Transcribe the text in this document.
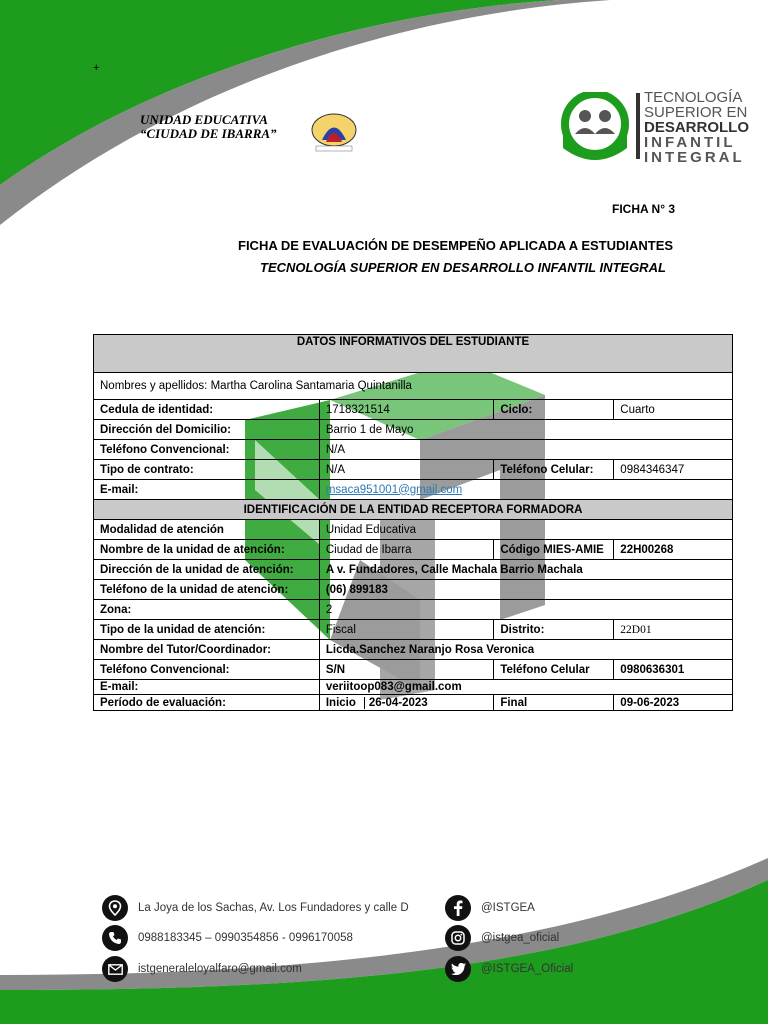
+
UNIDAD EDUCATIVA
“CIUDAD DE IBARRA”
TECNOLOGÍA
SUPERIOR EN
DESARROLLO
INFANTIL
INTEGRAL
FICHA N° 3
FICHA DE EVALUACIÓN DE DESEMPEÑO APLICADA A ESTUDIANTES
TECNOLOGÍA SUPERIOR EN DESARROLLO INFANTIL INTEGRAL
DATOS INFORMATIVOS DEL ESTUDIANTE			
Nombres y apellidos: Martha Carolina Santamaria Quintanilla			
Cedula de identidad:	1718321514	Ciclo:	Cuarto
Dirección del Domicilio:	Barrio 1 de Mayo		
Teléfono Convencional:	N/A		
Tipo de contrato:	N/A	Teléfono Celular:	0984346347
E-mail:	msaca951001@gmail.com		
IDENTIFICACIÓN DE LA ENTIDAD RECEPTORA FORMADORA			
Modalidad de atención	Unidad Educativa		
Nombre de la unidad de atención:	Ciudad de Ibarra	Código MIES-AMIE	22H00268
Dirección de la unidad de atención:	A v. Fundadores, Calle Machala Barrio Machala		
Teléfono de la unidad de atención:	(06) 899183		
Zona:	2		
Tipo de la unidad de atención:	Fiscal	Distrito:	22D01
Nombre del Tutor/Coordinador:	Licda.Sanchez Naranjo Rosa Veronica		
Teléfono Convencional:	S/N	Teléfono Celular	0980636301
E-mail:	veriitoop083@gmail.com		
Período de evaluación:	Inicio 26-04-2023	Final	09-06-2023
La Joya de los Sachas, Av. Los Fundadores y calle D
0988183345 – 0990354856 - 0996170058
istgeneraleloyalfaro@gmail.com
@ISTGEA
@istgea_oficial
@ISTGEA_Oficial
